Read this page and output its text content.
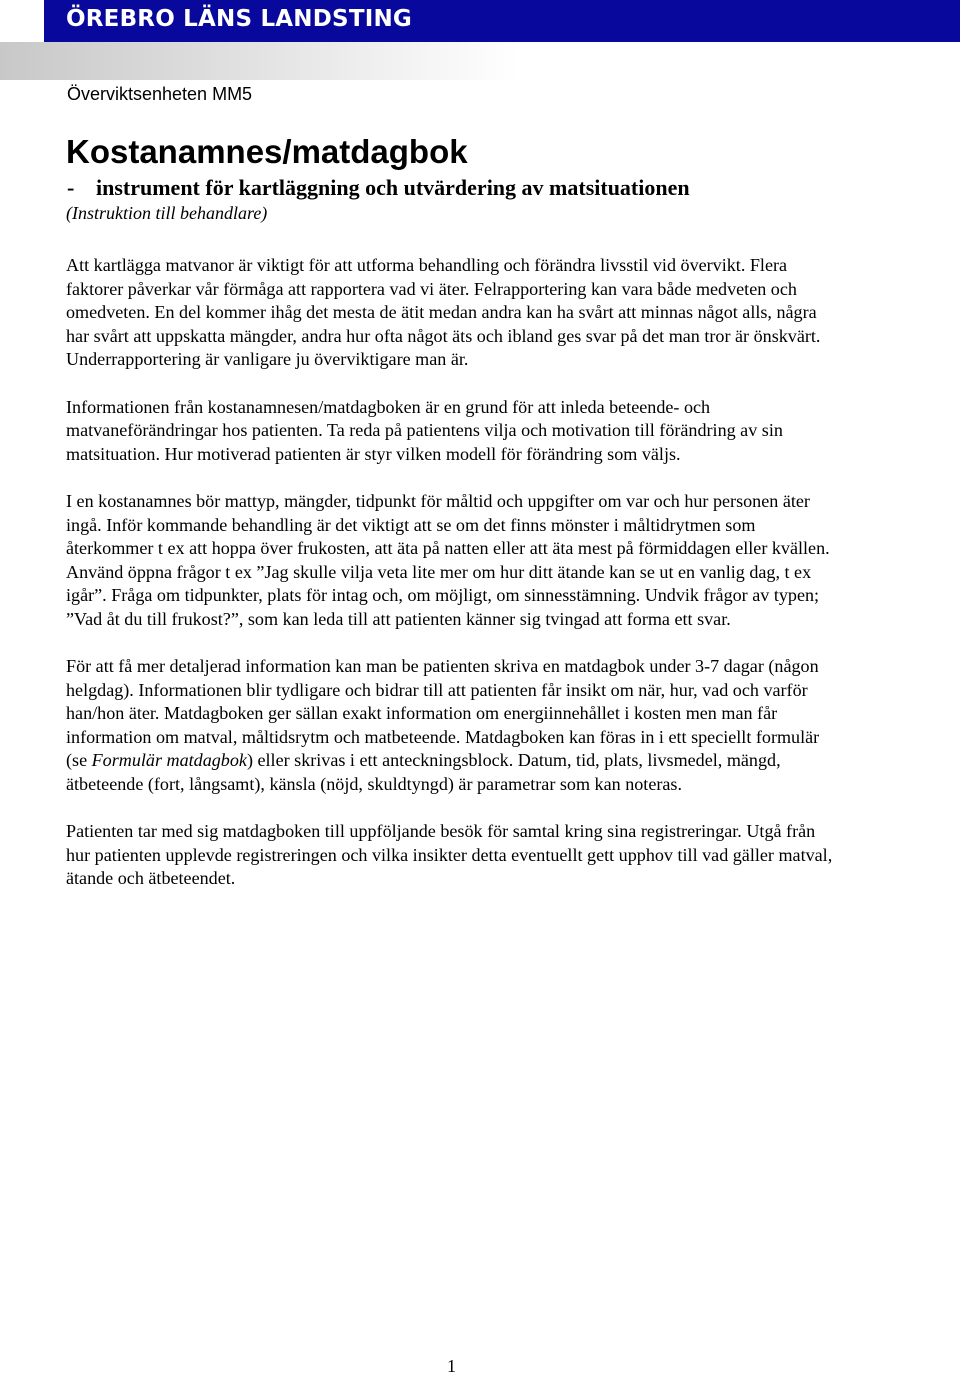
ÖREBRO LÄNS LANDSTING
Överviktsenheten MM5
Kostanamnes/matdagbok
- instrument för kartläggning och utvärdering av matsituationen
(Instruktion till behandlare)

Att kartlägga matvanor är viktigt för att utforma behandling och förändra livsstil vid övervikt. Flera faktorer påverkar vår förmåga att rapportera vad vi äter. Felrapportering kan vara både medveten och omedveten. En del kommer ihåg det mesta de ätit medan andra kan ha svårt att minnas något alls, några har svårt att uppskatta mängder, andra hur ofta något äts och ibland ges svar på det man tror är önskvärt. Underrapportering är vanligare ju överviktigare man är.

Informationen från kostanamnesen/matdagboken är en grund för att inleda beteende- och matvaneförändringar hos patienten. Ta reda på patientens vilja och motivation till förändring av sin matsituation. Hur motiverad patienten är styr vilken modell för förändring som väljs.

I en kostanamnes bör mattyp, mängder, tidpunkt för måltid och uppgifter om var och hur personen äter ingå. Inför kommande behandling är det viktigt att se om det finns mönster i måltidrytmen som återkommer t ex att hoppa över frukosten, att äta på natten eller att äta mest på förmiddagen eller kvällen. Använd öppna frågor t ex ”Jag skulle vilja veta lite mer om hur ditt ätande kan se ut en vanlig dag, t ex igår”. Fråga om tidpunkter, plats för intag och, om möjligt, om sinnesstämning. Undvik frågor av typen; ”Vad åt du till frukost?”, som kan leda till att patienten känner sig tvingad att forma ett svar.

För att få mer detaljerad information kan man be patienten skriva en matdagbok under 3-7 dagar (någon helgdag). Informationen blir tydligare och bidrar till att patienten får insikt om när, hur, vad och varför han/hon äter. Matdagboken ger sällan exakt information om energiinnehållet i kosten men man får information om matval, måltidsrytm och matbeteende. Matdagboken kan föras in i ett speciellt formulär (se Formulär matdagbok) eller skrivas i ett anteckningsblock. Datum, tid, plats, livsmedel, mängd, ätbeteende (fort, långsamt), känsla (nöjd, skuldtyngd) är parametrar som kan noteras.

Patienten tar med sig matdagboken till uppföljande besök för samtal kring sina registreringar. Utgå från hur patienten upplevde registreringen och vilka insikter detta eventuellt gett upphov till vad gäller matval, ätande och ätbeteendet.

1
